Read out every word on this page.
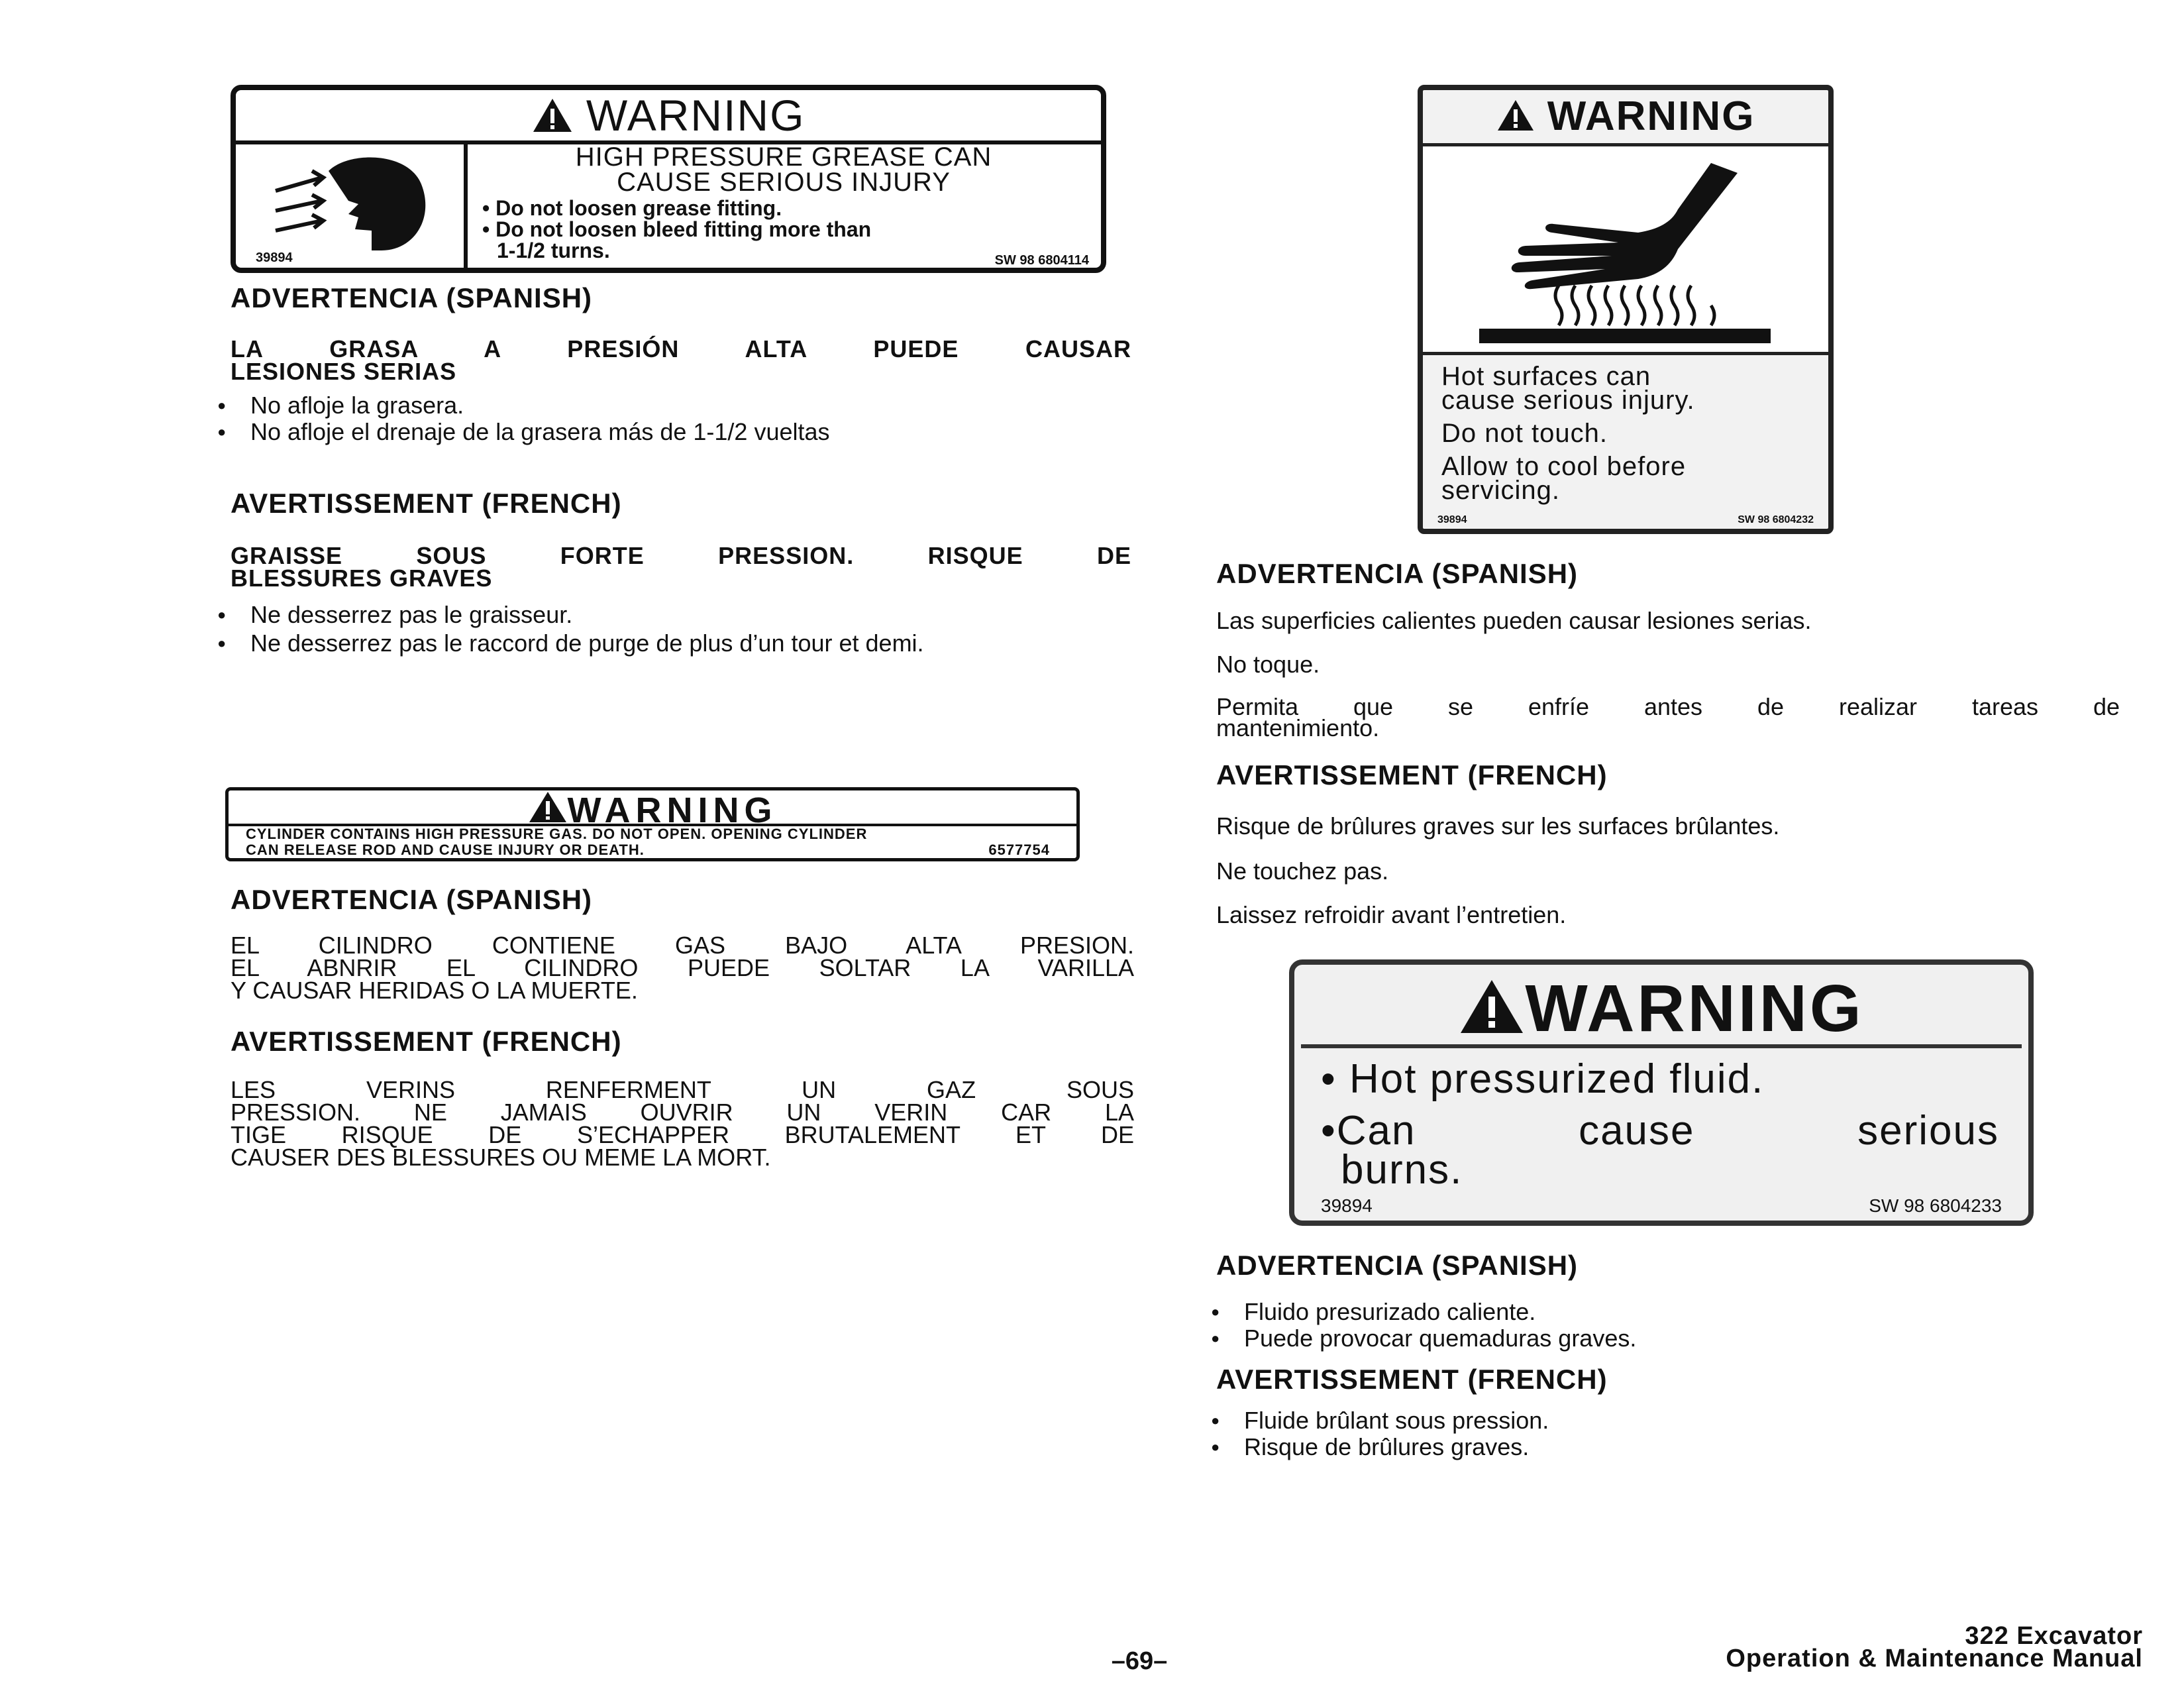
WARNING
39894
HIGH PRESSURE GREASE CAN
CAUSE SERIOUS INJURY
• Do not loosen grease fitting.
• Do not loosen bleed fitting more than
1-1/2 turns.	SW 98 6804114
ADVERTENCIA (SPANISH)
LA GRASA A PRESIÓN ALTA PUEDE CAUSAR
LESIONES SERIAS
● No afloje la grasera.
● No afloje el drenaje de la grasera más de 1-1/2 vueltas
AVERTISSEMENT (FRENCH)
GRAISSE SOUS FORTE PRESSION. RISQUE DE
BLESSURES GRAVES
● Ne desserrez pas le graisseur.
● Ne desserrez pas le raccord de purge de plus d’un tour et demi.
WARNING
CYLINDER CONTAINS HIGH PRESSURE GAS. DO NOT OPEN. OPENING CYLINDER
CAN RELEASE ROD AND CAUSE INJURY OR DEATH.	6577754
ADVERTENCIA (SPANISH)
EL CILINDRO CONTIENE GAS BAJO ALTA PRESION.
EL ABNRIR EL CILINDRO PUEDE SOLTAR LA VARILLA
Y CAUSAR HERIDAS O LA MUERTE.
AVERTISSEMENT (FRENCH)
LES VERINS RENFERMENT UN GAZ SOUS
PRESSION. NE JAMAIS OUVRIR UN VERIN CAR LA
TIGE RISQUE DE S’ECHAPPER BRUTALEMENT ET DE
CAUSER DES BLESSURES OU MEME LA MORT.
WARNING
Hot surfaces can
cause serious injury.
Do not touch.
Allow to cool before
servicing.
39894	SW 98 6804232
ADVERTENCIA (SPANISH)
Las superficies calientes pueden causar lesiones serias.
No toque.
Permita que se enfríe antes de realizar tareas de
mantenimiento.
AVERTISSEMENT (FRENCH)
Risque de brûlures graves sur les surfaces brûlantes.
Ne touchez pas.
Laissez refroidir avant l’entretien.
WARNING
• Hot pressurized fluid.
•Can cause serious
burns.
39894	SW 98 6804233
ADVERTENCIA (SPANISH)
● Fluido presurizado caliente.
● Puede provocar quemaduras graves.
AVERTISSEMENT (FRENCH)
● Fluide brûlant sous pression.
● Risque de brûlures graves.
–69–
322 Excavator
Operation & Maintenance Manual
